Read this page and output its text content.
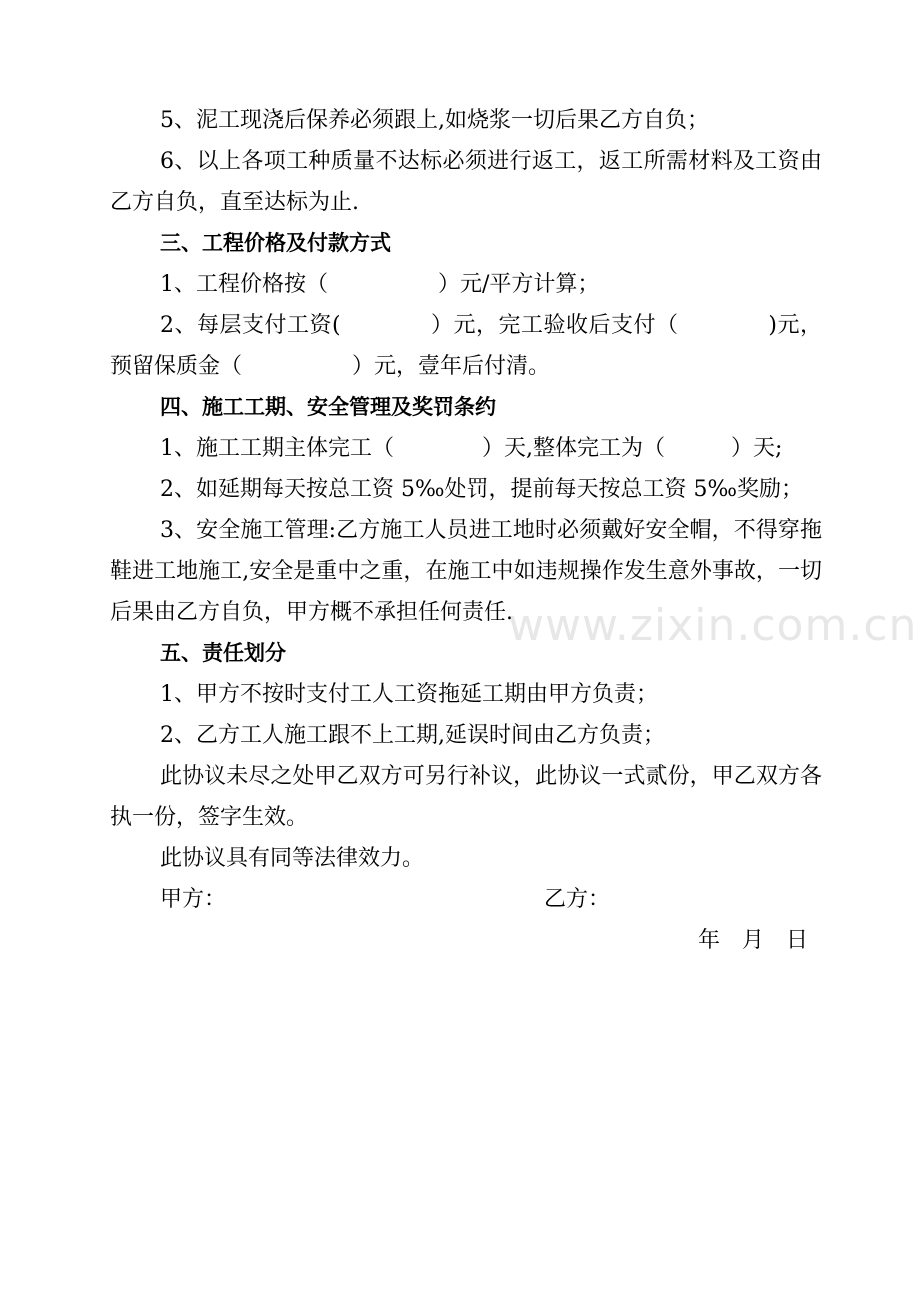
5、泥工现浇后保养必须跟上,如烧浆一切后果乙方自负；

6、以上各项工种质量不达标必须进行返工，返工所需材料及工资由乙方自负，直至达标为止.

三、工程价格及付款方式

1、工程价格按（　　　　　）元/平方计算；

2、每层支付工资(　　　　）元，完工验收后支付（　　　　)元，预留保质金（　　　　　）元，壹年后付清。

四、施工工期、安全管理及奖罚条约

1、施工工期主体完工（　　　　）天,整体完工为（　　　）天;

2、如延期每天按总工资 5‰处罚，提前每天按总工资 5‰奖励；

3、安全施工管理:乙方施工人员进工地时必须戴好安全帽，不得穿拖鞋进工地施工,安全是重中之重，在施工中如违规操作发生意外事故，一切后果由乙方自负，甲方概不承担任何责任.

五、责任划分

1、甲方不按时支付工人工资拖延工期由甲方负责；

2、乙方工人施工跟不上工期,延误时间由乙方负责；

此协议未尽之处甲乙双方可另行补议，此协议一式贰份，甲乙双方各执一份，签字生效。

此协议具有同等法律效力。

甲方：	乙方：
年　月　日
www.zixin.com.cn
